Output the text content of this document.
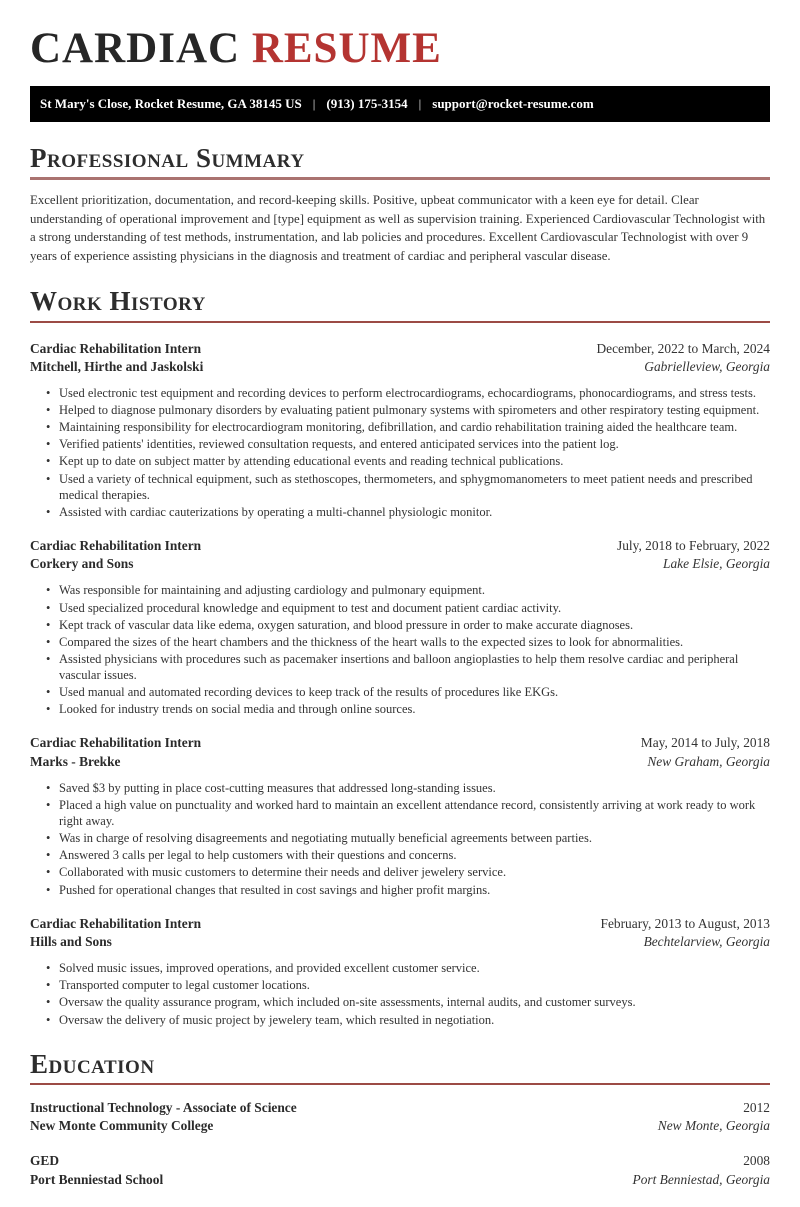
CARDIAC RESUME
St Mary's Close, Rocket Resume, GA 38145 US | (913) 175-3154 | support@rocket-resume.com
Professional Summary

Excellent prioritization, documentation, and record-keeping skills. Positive, upbeat communicator with a keen eye for detail. Clear understanding of operational improvement and [type] equipment as well as supervision training. Experienced Cardiovascular Technologist with a strong understanding of test methods, instrumentation, and lab policies and procedures. Excellent Cardiovascular Technologist with over 9 years of experience assisting physicians in the diagnosis and treatment of cardiac and peripheral vascular disease.

Work History
Cardiac Rehabilitation Intern	December, 2022 to March, 2024
Mitchell, Hirthe and Jaskolski	Gabrielleview, Georgia
• Used electronic test equipment and recording devices to perform electrocardiograms, echocardiograms, phonocardiograms, and stress tests.
• Helped to diagnose pulmonary disorders by evaluating patient pulmonary systems with spirometers and other respiratory testing equipment.
• Maintaining responsibility for electrocardiogram monitoring, defibrillation, and cardio rehabilitation training aided the healthcare team.
• Verified patients' identities, reviewed consultation requests, and entered anticipated services into the patient log.
• Kept up to date on subject matter by attending educational events and reading technical publications.
• Used a variety of technical equipment, such as stethoscopes, thermometers, and sphygmomanometers to meet patient needs and prescribed medical therapies.
• Assisted with cardiac cauterizations by operating a multi-channel physiologic monitor.
Cardiac Rehabilitation Intern	July, 2018 to February, 2022
Corkery and Sons	Lake Elsie, Georgia
• Was responsible for maintaining and adjusting cardiology and pulmonary equipment.
• Used specialized procedural knowledge and equipment to test and document patient cardiac activity.
• Kept track of vascular data like edema, oxygen saturation, and blood pressure in order to make accurate diagnoses.
• Compared the sizes of the heart chambers and the thickness of the heart walls to the expected sizes to look for abnormalities.
• Assisted physicians with procedures such as pacemaker insertions and balloon angioplasties to help them resolve cardiac and peripheral vascular issues.
• Used manual and automated recording devices to keep track of the results of procedures like EKGs.
• Looked for industry trends on social media and through online sources.
Cardiac Rehabilitation Intern	May, 2014 to July, 2018
Marks - Brekke	New Graham, Georgia
• Saved $3 by putting in place cost-cutting measures that addressed long-standing issues.
• Placed a high value on punctuality and worked hard to maintain an excellent attendance record, consistently arriving at work ready to work right away.
• Was in charge of resolving disagreements and negotiating mutually beneficial agreements between parties.
• Answered 3 calls per legal to help customers with their questions and concerns.
• Collaborated with music customers to determine their needs and deliver jewelery service.
• Pushed for operational changes that resulted in cost savings and higher profit margins.
Cardiac Rehabilitation Intern	February, 2013 to August, 2013
Hills and Sons	Bechtelarview, Georgia
• Solved music issues, improved operations, and provided excellent customer service.
• Transported computer to legal customer locations.
• Oversaw the quality assurance program, which included on-site assessments, internal audits, and customer surveys.
• Oversaw the delivery of music project by jewelery team, which resulted in negotiation.
Education
Instructional Technology - Associate of Science	2012
New Monte Community College	New Monte, Georgia
GED	2008
Port Benniestad School	Port Benniestad, Georgia
